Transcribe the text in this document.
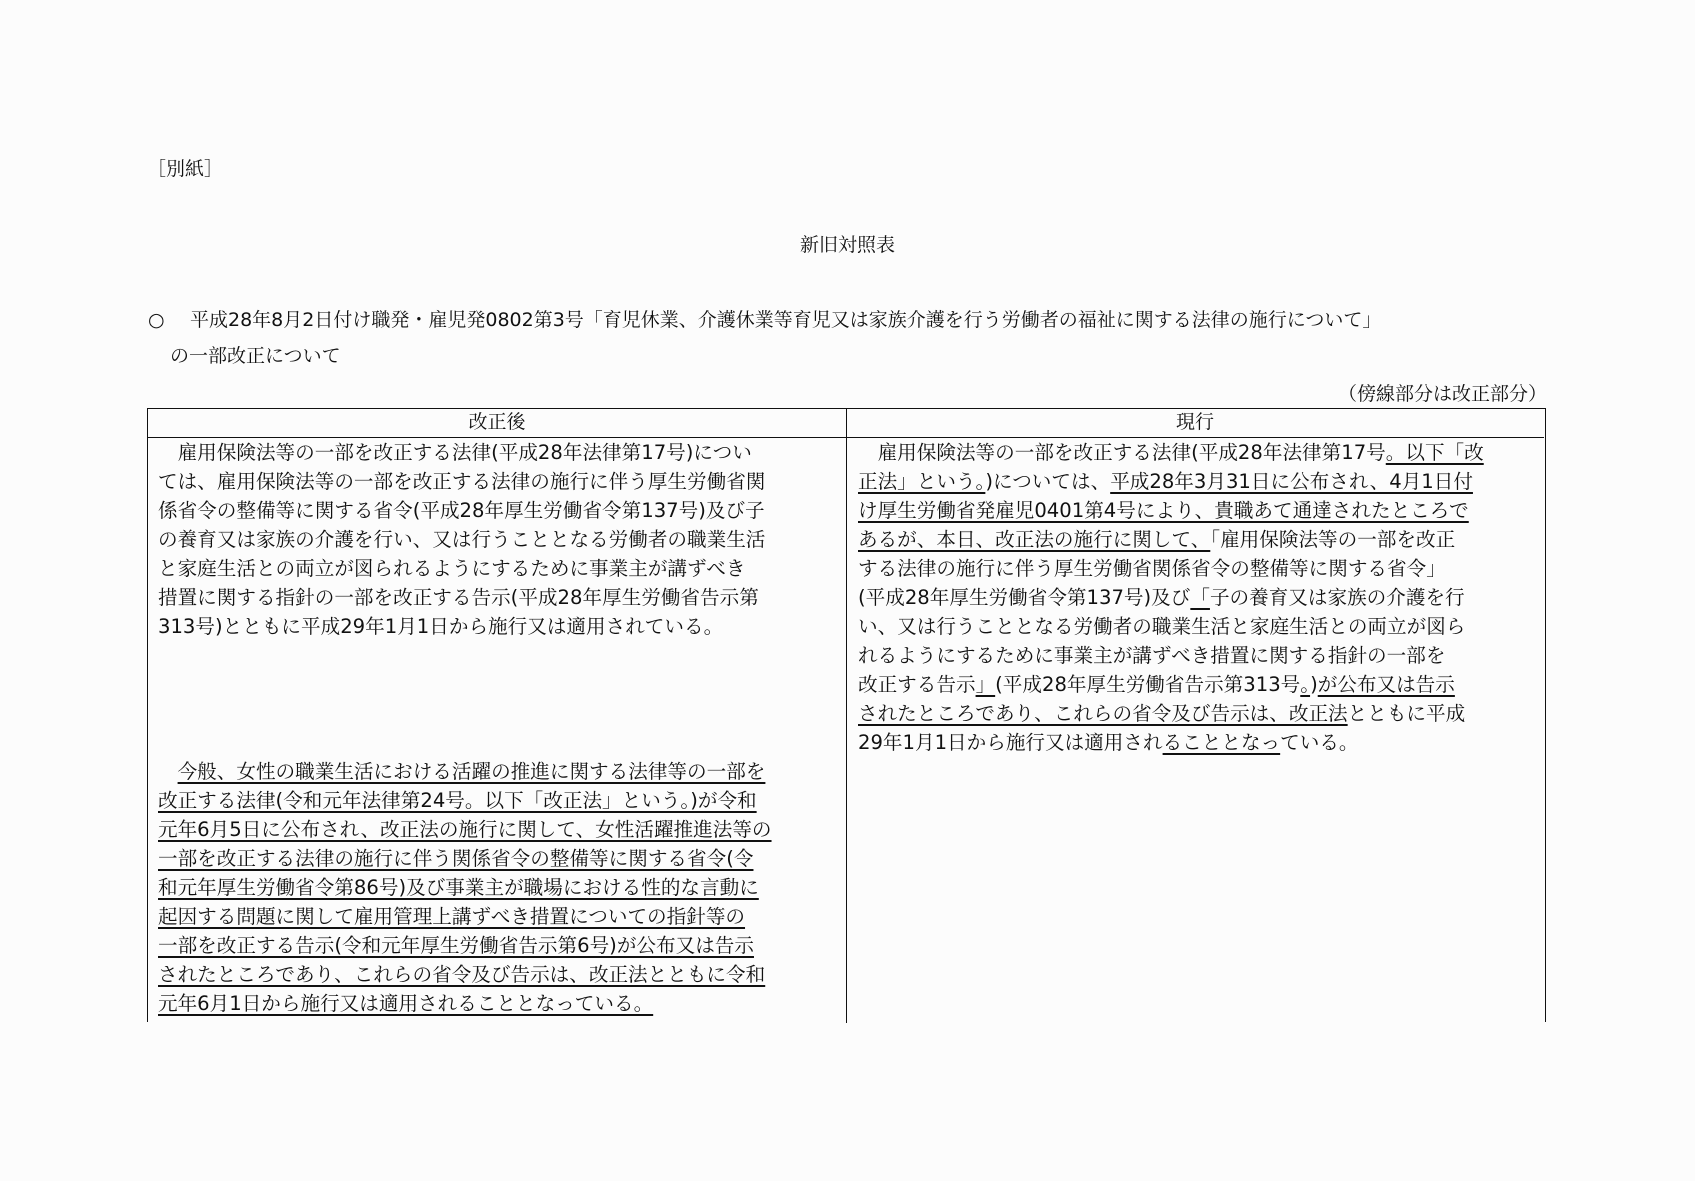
［別紙］
新旧対照表
○ 平成28年8月2日付け職発・雇児発0802第3号「育児休業、介護休業等育児又は家族介護を行う労働者の福祉に関する法律の施行について」
の一部改正について
（傍線部分は改正部分）
改正後	現行
　雇用保険法等の一部を改正する法律(平成28年法律第17号)につい
ては、雇用保険法等の一部を改正する法律の施行に伴う厚生労働省関
係省令の整備等に関する省令(平成28年厚生労働省令第137号)及び子
の養育又は家族の介護を行い、又は行うこととなる労働者の職業生活
と家庭生活との両立が図られるようにするために事業主が講ずべき
措置に関する指針の一部を改正する告示(平成28年厚生労働省告示第
313号)とともに平成29年1月1日から施行又は適用されている。
　今般、女性の職業生活における活躍の推進に関する法律等の一部を
改正する法律(令和元年法律第24号。以下「改正法」という。)が令和
元年6月5日に公布され、改正法の施行に関して、女性活躍推進法等の
一部を改正する法律の施行に伴う関係省令の整備等に関する省令(令
和元年厚生労働省令第86号)及び事業主が職場における性的な言動に
起因する問題に関して雇用管理上講ずべき措置についての指針等の
一部を改正する告示(令和元年厚生労働省告示第6号)が公布又は告示
されたところであり、これらの省令及び告示は、改正法とともに令和
元年6月1日から施行又は適用されることとなっている。
　雇用保険法等の一部を改正する法律(平成28年法律第17号。以下「改
正法」という。)については、平成28年3月31日に公布され、4月1日付
け厚生労働省発雇児0401第4号により、貴職あて通達されたところで
あるが、本日、改正法の施行に関して、「雇用保険法等の一部を改正
する法律の施行に伴う厚生労働省関係省令の整備等に関する省令」
(平成28年厚生労働省令第137号)及び「子の養育又は家族の介護を行
い、又は行うこととなる労働者の職業生活と家庭生活との両立が図ら
れるようにするために事業主が講ずべき措置に関する指針の一部を
改正する告示」(平成28年厚生労働省告示第313号。)が公布又は告示
されたところであり、これらの省令及び告示は、改正法とともに平成
29年1月1日から施行又は適用されることとなっている。
